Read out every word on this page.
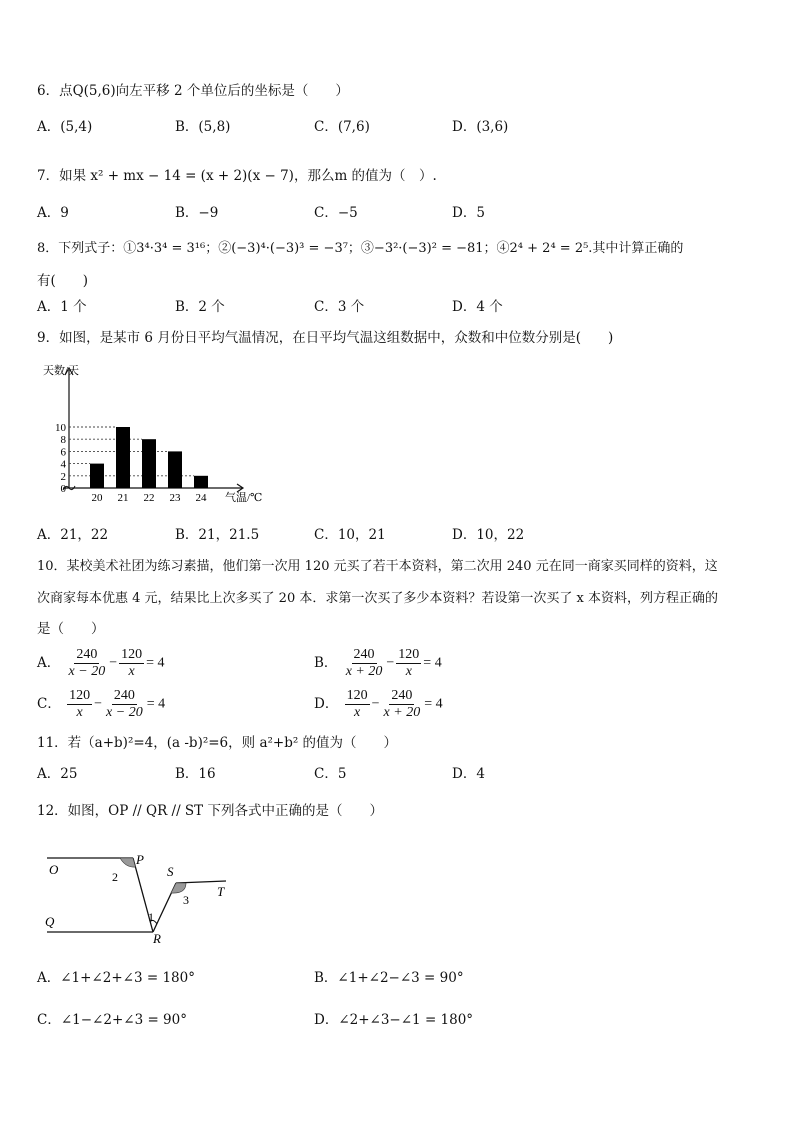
6．点Q(5,6)向左平移 2 个单位后的坐标是（　　）
A．(5,4)	B．(5,8)	C．(7,6)	D．(3,6)
7．如果 x² + mx − 14 = (x + 2)(x − 7)，那么m 的值为（　）.
A．9	B．−9	C．−5	D．5
8．下列式子：①3⁴·3⁴ = 3¹⁶；②(−3)⁴·(−3)³ = −3⁷；③−3²·(−3)² = −81；④2⁴ + 2⁴ = 2⁵.其中计算正确的
有(　　)
A．1 个	B．2 个	C．3 个	D．4 个
9．如图，是某市 6 月份日平均气温情况，在日平均气温这组数据中，众数和中位数分别是(　　)
天数/天
气温/℃
0
2
4
6
8
10
20 21 22 23 24
A．21，22	B．21，21.5	C．10，21	D．10，22
10．某校美术社团为练习素描，他们第一次用 120 元买了若干本资料，第二次用 240 元在同一商家买同样的资料，这
次商家每本优惠 4 元，结果比上次多买了 20 本．求第一次买了多少本资料？若设第一次买了 x 本资料，列方程正确的
是（　　）
A． $\frac{240}{x - 20} - \frac{120}{x} = 4$	B． $\frac{240}{x + 20} - \frac{120}{x} = 4$
C． $\frac{120}{x} - \frac{240}{x - 20} = 4$	D． $\frac{120}{x} - \frac{240}{x + 20} = 4$
11．若（a+b)²=4，(a -b)²=6，则 a²+b² 的值为（　　）
A．25	B．16	C．5	D．4
12．如图，OP // QR // ST 下列各式中正确的是（　　）
O
P
Q
R
S
T
1
2
3
A．∠1+∠2+∠3 = 180°	B．∠1+∠2−∠3 = 90°
C．∠1−∠2+∠3 = 90°	D．∠2+∠3−∠1 = 180°
